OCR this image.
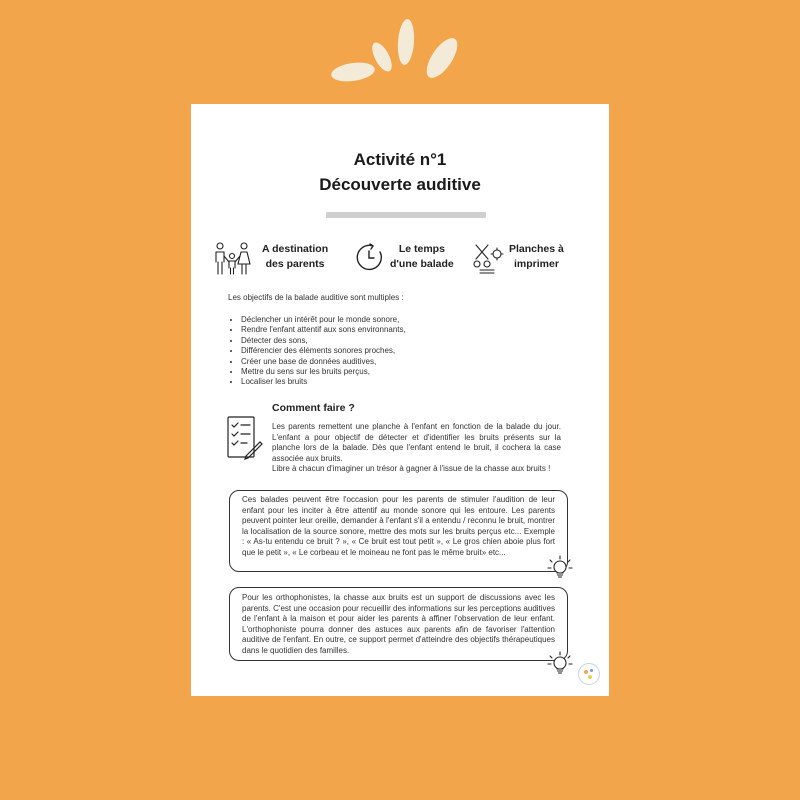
Activité n°1
Découverte auditive
A destination
des parents
Le temps
d'une balade
Planches à
imprimer
Les objectifs de la balade auditive sont multiples :
• Déclencher un intérêt pour le monde sonore,
• Rendre l'enfant attentif aux sons environnants,
• Détecter des sons,
• Différencier des éléments sonores proches,
• Créer une base de données auditives,
• Mettre du sens sur les bruits perçus,
• Localiser les bruits
Comment faire ?
Les parents remettent une planche à l'enfant en fonction de la balade du jour. L'enfant a pour objectif de détecter et d'identifier les bruits présents sur la planche lors de la balade. Dès que l'enfant entend le bruit, il cochera la case associée aux bruits.
Libre à chacun d'imaginer un trésor à gagner à l'issue de la chasse aux bruits !
Ces balades peuvent être l'occasion pour les parents de stimuler l'audition de leur enfant pour les inciter à être attentif au monde sonore qui les entoure. Les parents peuvent pointer leur oreille, demander à l'enfant s'il a entendu / reconnu le bruit, montrer la localisation de la source sonore, mettre des mots sur les bruits perçus etc... Exemple : « As-tu entendu ce bruit ? », « Ce bruit est tout petit », « Le gros chien aboie plus fort que le petit », « Le corbeau et le moineau ne font pas le même bruit» etc...
Pour les orthophonistes, la chasse aux bruits est un support de discussions avec les parents. C'est une occasion pour recueillir des informations sur les perceptions auditives de l'enfant à la maison et pour aider les parents à affiner l'observation de leur enfant. L'orthophoniste pourra donner des astuces aux parents afin de favoriser l'attention auditive de l'enfant. En outre, ce support permet d'atteindre des objectifs thérapeutiques dans le quotidien des familles.
